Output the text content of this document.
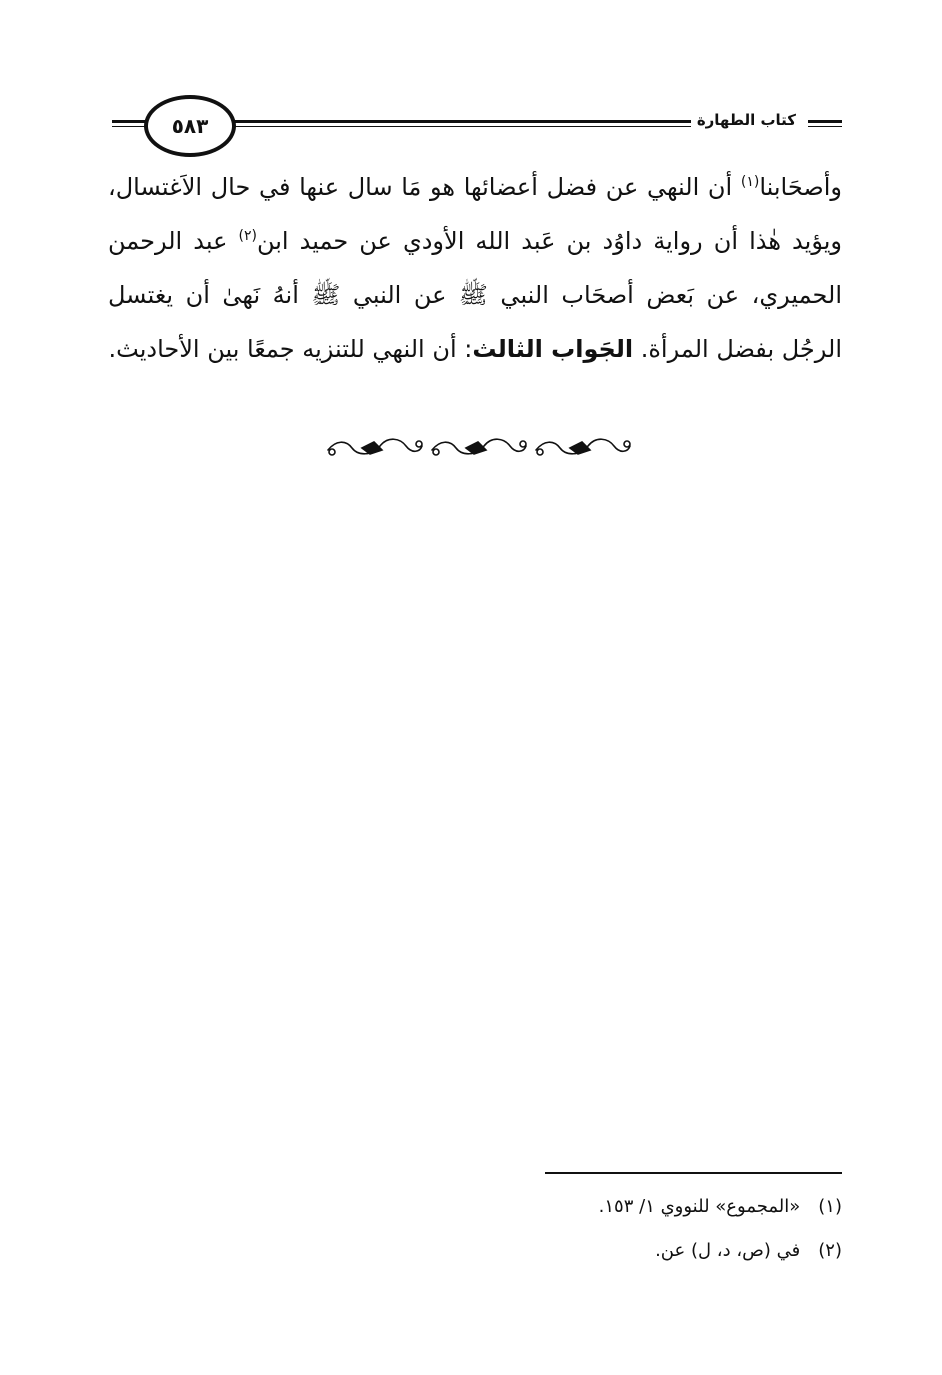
٥٨٣	كتاب الطهارة
وأصحَابنا$^{(١)}$ أن النهي عن فضل أعضائها هو مَا سال عنها في حال الاَغتسال، ويؤيد هٰذا أن رواية داوُد بن عَبد الله الأودي عن حميد ابن$^{(٢)}$ عبد الرحمن الحميري، عن بَعض أصحَاب النبي ﷺ عن النبي ﷺ أنهُ نَهىٰ أن يغتسل الرجُل بفضل المرأة. الجَواب الثالث: أن النهي للتنزيه جمعًا بين الأحاديث.
(١)«المجموع» للنووي ١/ ١٥٣.
(٢)في (ص، د، ل) عن.
